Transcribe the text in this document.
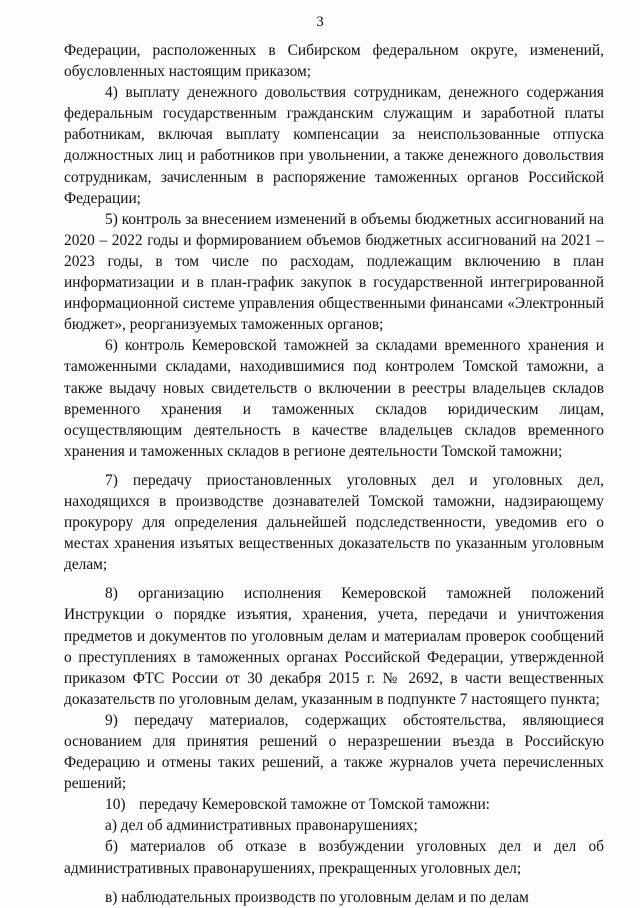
3

Федерации, расположенных в Сибирском федеральном округе, изменений, обусловленных настоящим приказом;

4) выплату денежного довольствия сотрудникам, денежного содержания федеральным государственным гражданским служащим и заработной платы работникам, включая выплату компенсации за неиспользованные отпуска должностных лиц и работников при увольнении, а также денежного довольствия сотрудникам, зачисленным в распоряжение таможенных органов Российской Федерации;

5) контроль за внесением изменений в объемы бюджетных ассигнований на 2020 – 2022 годы и формированием объемов бюджетных ассигнований на 2021 – 2023 годы, в том числе по расходам, подлежащим включению в план информатизации и в план-график закупок в государственной интегрированной информационной системе управления общественными финансами «Электронный бюджет», реорганизуемых таможенных органов;

6) контроль Кемеровской таможней за складами временного хранения и таможенными складами, находившимися под контролем Томской таможни, а также выдачу новых свидетельств о включении в реестры владельцев складов временного хранения и таможенных складов юридическим лицам, осуществляющим деятельность в качестве владельцев складов временного хранения и таможенных складов в регионе деятельности Томской таможни;

7) передачу приостановленных уголовных дел и уголовных дел, находящихся в производстве дознавателей Томской таможни, надзирающему прокурору для определения дальнейшей подследственности, уведомив его о местах хранения изъятых вещественных доказательств по указанным уголовным делам;

8) организацию исполнения Кемеровской таможней положений Инструкции о порядке изъятия, хранения, учета, передачи и уничтожения предметов и документов по уголовным делам и материалам проверок сообщений о преступлениях в таможенных органах Российской Федерации, утвержденной приказом ФТС России от 30 декабря 2015 г. № 2692, в части вещественных доказательств по уголовным делам, указанным в подпункте 7 настоящего пункта;

9) передачу материалов, содержащих обстоятельства, являющиеся основанием для принятия решений о неразрешении въезда в Российскую Федерацию и отмены таких решений, а также журналов учета перечисленных решений;

10) передачу Кемеровской таможне от Томской таможни:

а) дел об административных правонарушениях;

б) материалов об отказе в возбуждении уголовных дел и дел об административных правонарушениях, прекращенных уголовных дел;

в) наблюдательных производств по уголовным делам и по делам
